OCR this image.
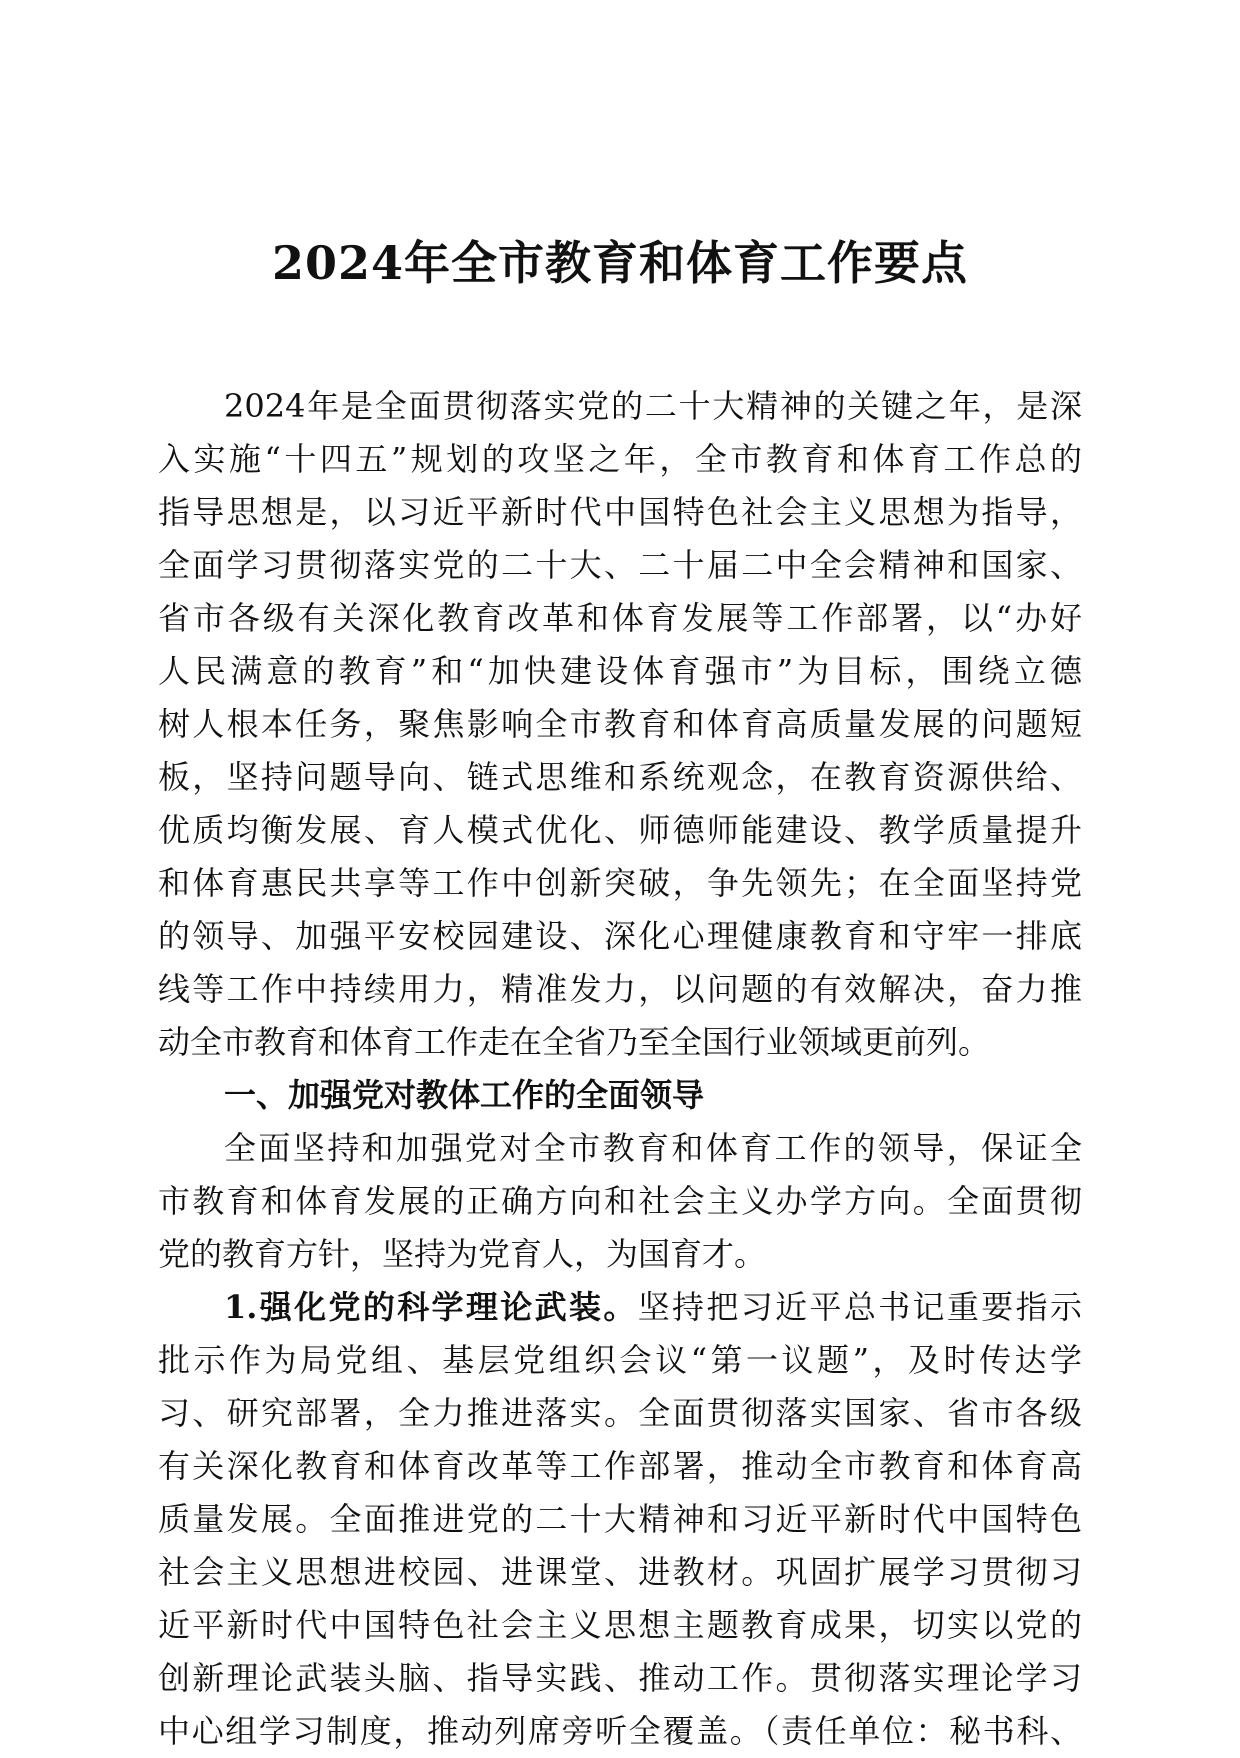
2024年全市教育和体育工作要点
2024年是全面贯彻落实党的二十大精神的关键之年，是深
入实施“十四五”规划的攻坚之年，全市教育和体育工作总的
指导思想是，以习近平新时代中国特色社会主义思想为指导，
全面学习贯彻落实党的二十大、二十届二中全会精神和国家、
省市各级有关深化教育改革和体育发展等工作部署，以“办好
人民满意的教育”和“加快建设体育强市”为目标，围绕立德
树人根本任务，聚焦影响全市教育和体育高质量发展的问题短
板，坚持问题导向、链式思维和系统观念，在教育资源供给、
优质均衡发展、育人模式优化、师德师能建设、教学质量提升
和体育惠民共享等工作中创新突破，争先领先；在全面坚持党
的领导、加强平安校园建设、深化心理健康教育和守牢一排底
线等工作中持续用力，精准发力，以问题的有效解决，奋力推
动全市教育和体育工作走在全省乃至全国行业领域更前列。
一、加强党对教体工作的全面领导
全面坚持和加强党对全市教育和体育工作的领导，保证全
市教育和体育发展的正确方向和社会主义办学方向。全面贯彻
党的教育方针，坚持为党育人，为国育才。
1.强化党的科学理论武装。坚持把习近平总书记重要指示
批示作为局党组、基层党组织会议“第一议题”，及时传达学
习、研究部署，全力推进落实。全面贯彻落实国家、省市各级
有关深化教育和体育改革等工作部署，推动全市教育和体育高
质量发展。全面推进党的二十大精神和习近平新时代中国特色
社会主义思想进校园、进课堂、进教材。巩固扩展学习贯彻习
近平新时代中国特色社会主义思想主题教育成果，切实以党的
创新理论武装头脑、指导实践、推动工作。贯彻落实理论学习
中心组学习制度，推动列席旁听全覆盖。（责任单位：秘书科、
